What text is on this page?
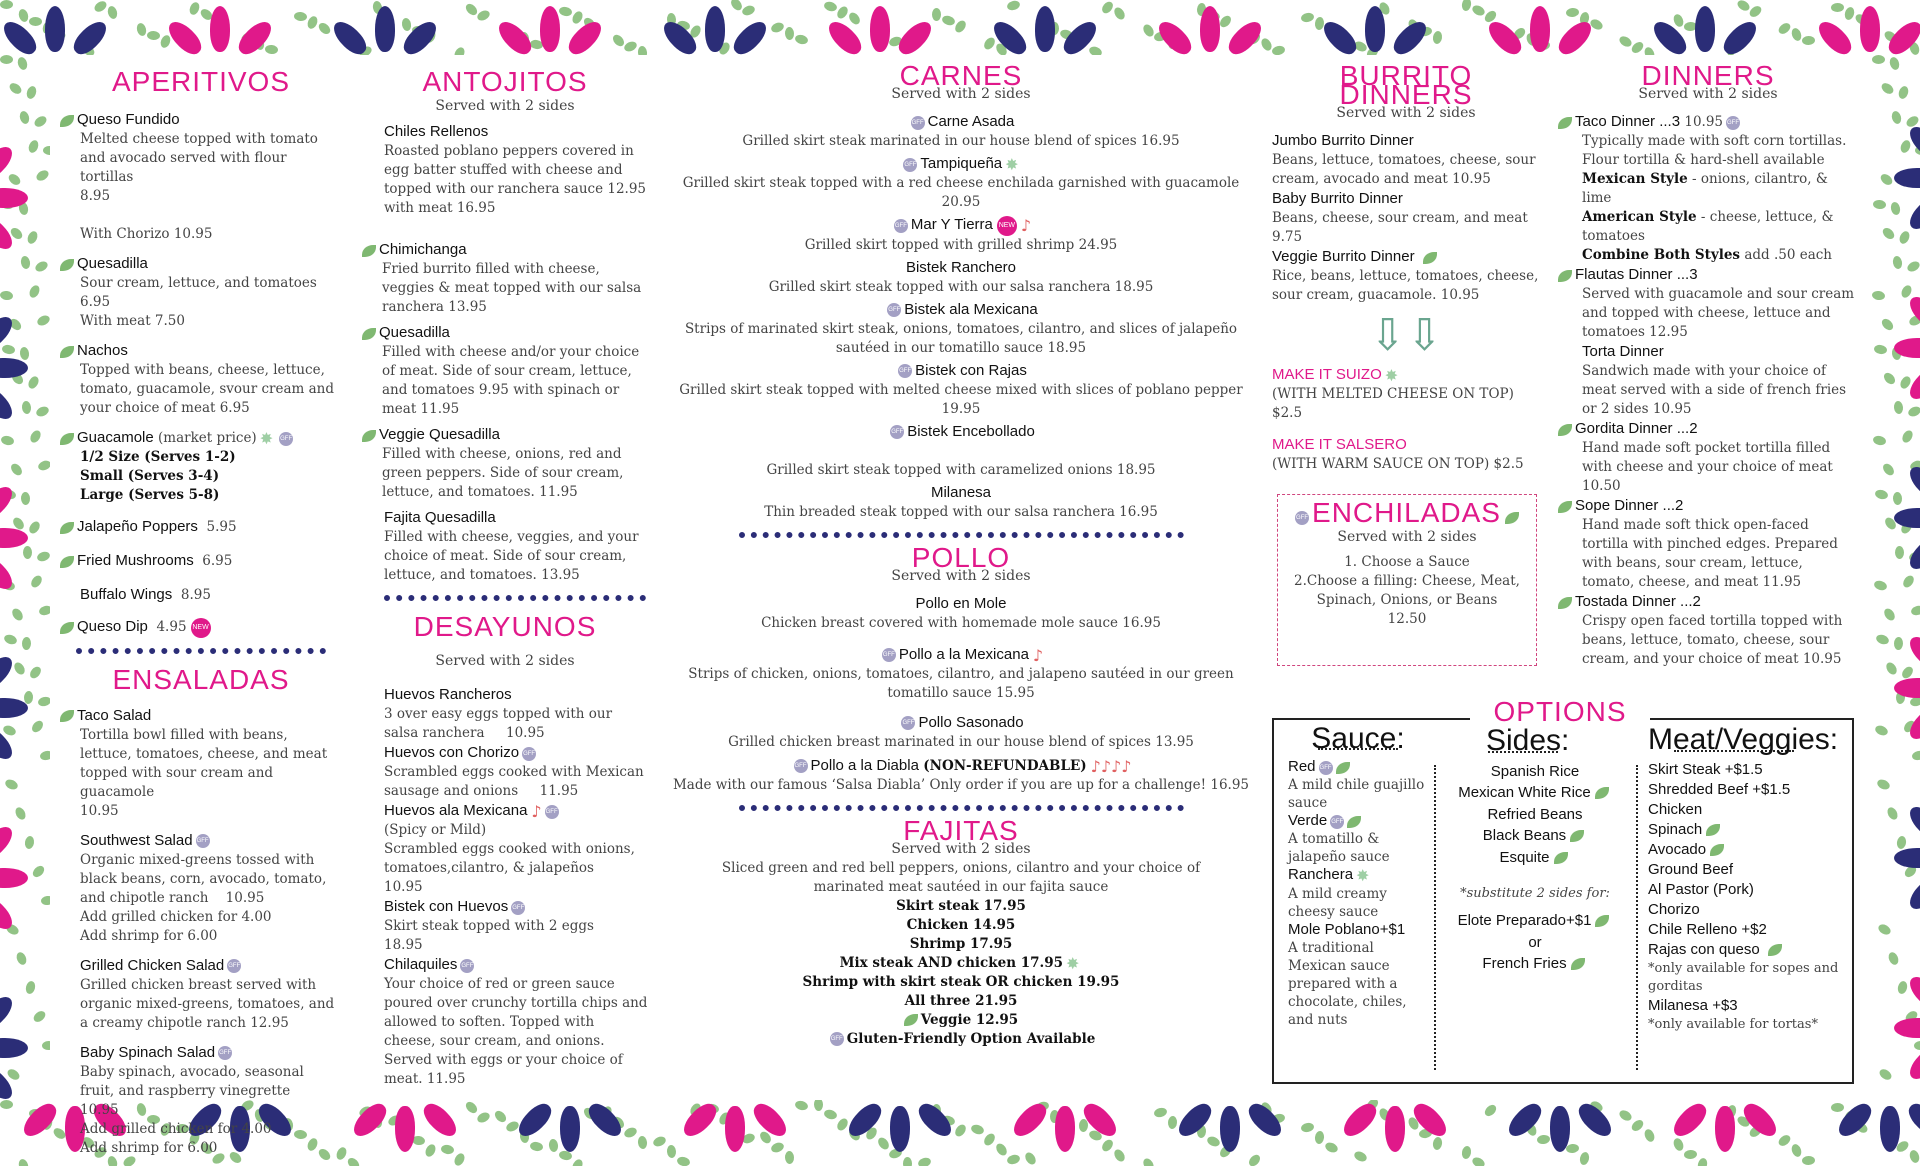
APERITIVOS
Queso Fundido

Melted cheese topped with tomato and avocado served with flour tortillas
8.95

With Chorizo 10.95
Quesadilla
Sour cream, lettuce, and tomatoes 6.95
With meat 7.50
Nachos
Topped with beans, cheese, lettuce, tomato, guacamole, svour cream and your choice of meat 6.95
Guacamole (market price) ✸ GFF
1/2 Size (Serves 1-2)
Small (Serves 3-4)
Large (Serves 5-8)
Jalapeño Poppers 5.95
Fried Mushrooms 6.95
Buffalo Wings 8.95
Queso Dip 4.95 NEW
ENSALADAS
Taco Salad
Tortilla bowl filled with beans, lettuce, tomatoes, cheese, and meat topped with sour cream and guacamole
10.95
Southwest Salad GFF
Organic mixed-greens tossed with black beans, corn, avocado, tomato, and chipotle ranch 10.95
Add grilled chicken for 4.00
Add shrimp for 6.00
Grilled Chicken Salad GFF
Grilled chicken breast served with organic mixed-greens, tomatoes, and a creamy chipotle ranch 12.95
Baby Spinach Salad GFF
Baby spinach, avocado, seasonal fruit, and raspberry vinegrette    10.95
Add grilled chicken for 4.00
Add shrimp for 6.00
ANTOJITOS
Served with 2 sides
Chiles Rellenos
Roasted poblano peppers covered in egg batter stuffed with cheese and topped with our ranchera sauce 12.95 with meat 16.95
Chimichanga
Fried burrito filled with cheese, veggies & meat topped with our salsa ranchera 13.95
Quesadilla
Filled with cheese and/or your choice of meat. Side of sour cream, lettuce, and tomatoes 9.95 with spinach or meat 11.95
Veggie Quesadilla
Filled with cheese, onions, red and green peppers. Side of sour cream, lettuce, and tomatoes. 11.95
Fajita Quesadilla
Filled with cheese, veggies, and your choice of meat. Side of sour cream, lettuce, and tomatoes. 13.95
DESAYUNOS
Served with 2 sides
Huevos Rancheros
3 over easy eggs topped with our salsa ranchera 10.95
Huevos con Chorizo GFF
Scrambled eggs cooked with Mexican sausage and onions 11.95
Huevos ala Mexicana ♪ GFF
(Spicy or Mild)
Scrambled eggs cooked with onions, tomatoes,cilantro, & jalapeños     10.95
Bistek con Huevos GFF
Skirt steak topped with 2 eggs     18.95
Chilaquiles GFF
Your choice of red or green sauce poured over crunchy tortilla chips and allowed to soften. Topped with cheese, sour cream, and onions. Served with eggs or your choice of meat. 11.95
CARNES
Served with 2 sides
GFF Carne Asada
Grilled skirt steak marinated in our house blend of spices 16.95
GFF Tampiqueña ✸
Grilled skirt steak topped with a red cheese enchilada garnished with guacamole 20.95
GFF Mar Y Tierra NEW ♪
Grilled skirt topped with grilled shrimp 24.95
Bistek Ranchero
Grilled skirt steak topped with our salsa ranchera 18.95
GFF Bistek ala Mexicana
Strips of marinated skirt steak, onions, tomatoes, cilantro, and slices of jalapeño sautéed in our tomatillo sauce 18.95
GFF Bistek con Rajas
Grilled skirt steak topped with melted cheese mixed with slices of poblano pepper 19.95
GFF Bistek Encebollado

Grilled skirt steak topped with caramelized onions 18.95
Milanesa
Thin breaded steak topped with our salsa ranchera 16.95
POLLO
Served with 2 sides
Pollo en Mole
Chicken breast covered with homemade mole sauce 16.95
GFF Pollo a la Mexicana ♪
Strips of chicken, onions, tomatoes, cilantro, and jalapeno sautéed in our green tomatillo sauce 15.95
GFF Pollo Sasonado
Grilled chicken breast marinated in our house blend of spices 13.95
GFF Pollo a la Diabla (NON-REFUNDABLE) ♪♪♪♪
Made with our famous ‘Salsa Diabla’ Only order if you are up for a challenge! 16.95
FAJITAS
Served with 2 sides
Sliced green and red bell peppers, onions, cilantro and your choice of marinated meat sautéed in our fajita sauce
Skirt steak 17.95
Chicken 14.95
Shrimp 17.95
Mix steak AND chicken 17.95 ✸
Shrimp with skirt steak OR chicken 19.95
All three 21.95
Veggie 12.95
GFF Gluten-Friendly Option Available
BURRITO DINNERS
Served with 2 sides
Jumbo Burrito Dinner
Beans, lettuce, tomatoes, cheese, sour cream, avocado and meat 10.95
Baby Burrito Dinner
Beans, cheese, sour cream, and meat 9.75
Veggie Burrito Dinner
Rice, beans, lettuce, tomatoes, cheese, sour cream, guacamole. 10.95
⇩⇩
MAKE IT SUIZO ✸
(WITH MELTED CHEESE ON TOP) $2.5
MAKE IT SALSERO
(WITH WARM SAUCE ON TOP) $2.5
GFF ENCHILADAS
Served with 2 sides
1. Choose a Sauce
2.Choose a filling: Cheese, Meat, Spinach, Onions, or Beans
12.50
DINNERS
Served with 2 sides
Taco Dinner ...3 10.95 GFF
Typically made with soft corn tortillas. Flour tortilla & hard-shell available
Mexican Style - onions, cilantro, & lime
American Style - cheese, lettuce, & tomatoes
Combine Both Styles add .50 each
Flautas Dinner ...3
Served with guacamole and sour cream and topped with cheese, lettuce and tomatoes 12.95
Torta Dinner
Sandwich made with your choice of meat served with a side of french fries or 2 sides 10.95
Gordita Dinner ...2
Hand made soft pocket tortilla filled with cheese and your choice of meat 10.50
Sope Dinner ...2
Hand made soft thick open-faced tortilla with pinched edges. Prepared with beans, sour cream, lettuce, tomato, cheese, and meat 11.95
Tostada Dinner ...2
Crispy open faced tortilla topped with beans, lettuce, tomato, cheese, sour cream, and your choice of meat 10.95
OPTIONS
Sauce:
Red GFF
A mild chile guajillo sauce
Verde GFF
A tomatillo & jalapeño sauce
Ranchera ✸
A mild creamy cheesy sauce
Mole Poblano+$1
A traditional Mexican sauce prepared with a chocolate, chiles, and nuts
Sides:
Spanish Rice
Mexican White Rice
Refried Beans
Black Beans
Esquite
*substitute 2 sides for:
Elote Preparado+$1
or
French Fries
Meat/Veggies:
Skirt Steak +$1.5
Shredded Beef +$1.5
Chicken
Spinach
Avocado
Ground Beef
Al Pastor (Pork)
Chorizo
Chile Relleno +$2
Rajas con queso
*only available for sopes and gorditas
Milanesa +$3
*only available for tortas*
